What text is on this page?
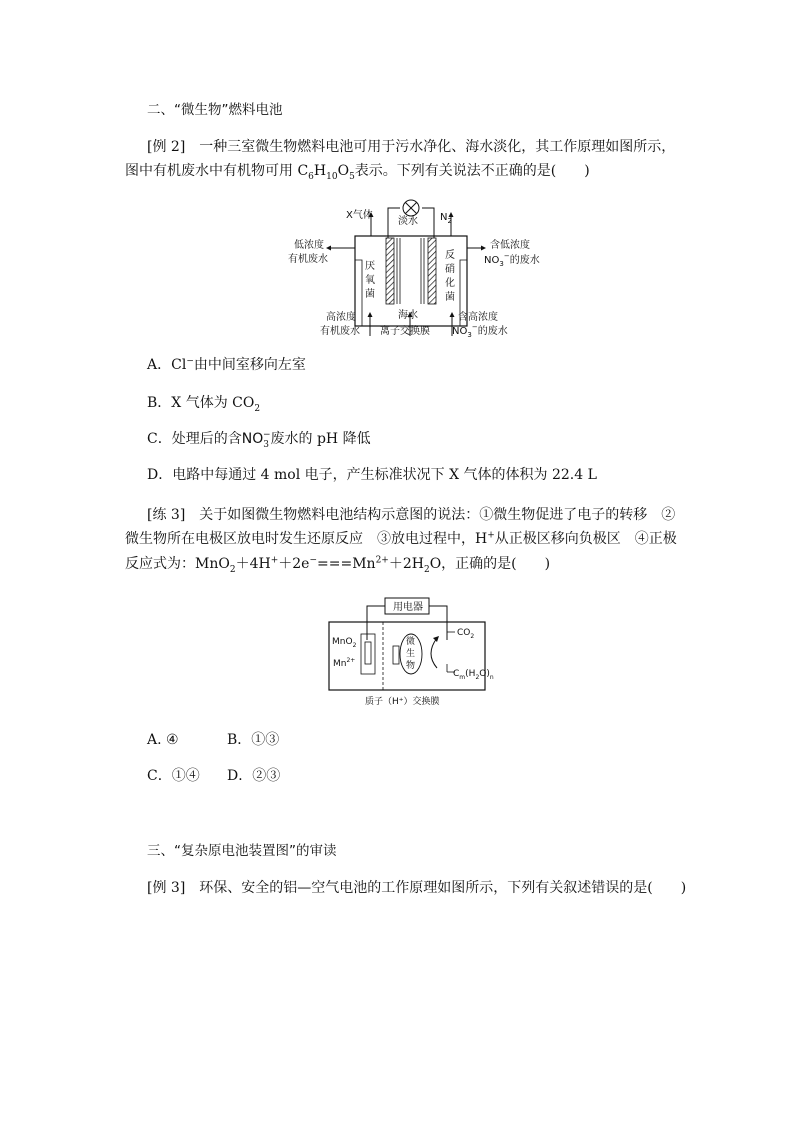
二、“微生物”燃料电池
[例 2]　 一种三室微生物燃料电池可用于污水净化、海水淡化，其工作原理如图所示，
图中有机废水中有机物可用 $C_6H_{10}O_5$表示。下列有关说法不正确的是(　　)
X气体
淡水 $N_2$
低浓度
有机废水
厌
氧
菌
反
硝
化
菌
含低浓度
$NO_3^-$的废水
高浓度
有机废水
海水
离子交换膜
含高浓度
$NO_3^-$的废水
A．Cl−由中间室移向左室
B．X 气体为 $CO_2$
C．处理后的含$NO_3^-$废水的 pH 降低
D．电路中每通过 4 mol 电子，产生标准状况下 X 气体的体积为 22.4 L
[练 3]　 关于如图微生物燃料电池结构示意图的说法：①微生物促进了电子的转移　②
微生物所在电极区放电时发生还原反应　③放电过程中，H+从正极区移向负极区　④正极
反应式为：$MnO_2+4H^++2e^-===Mn^{2+}+2H_2O$，正确的是(　　)
用电器
微
生
物
MnO$_2$
$Mn^{2+}$
$CO_2$
$C_m(H_2O)_n$
质子（H⁺）交换膜
A. ④	B．①③
C．①④ D．②③
三、“复杂原电池装置图”的审读
[例 3]　 环保、安全的铝—空气电池的工作原理如图所示，下列有关叙述错误的是(　　)
